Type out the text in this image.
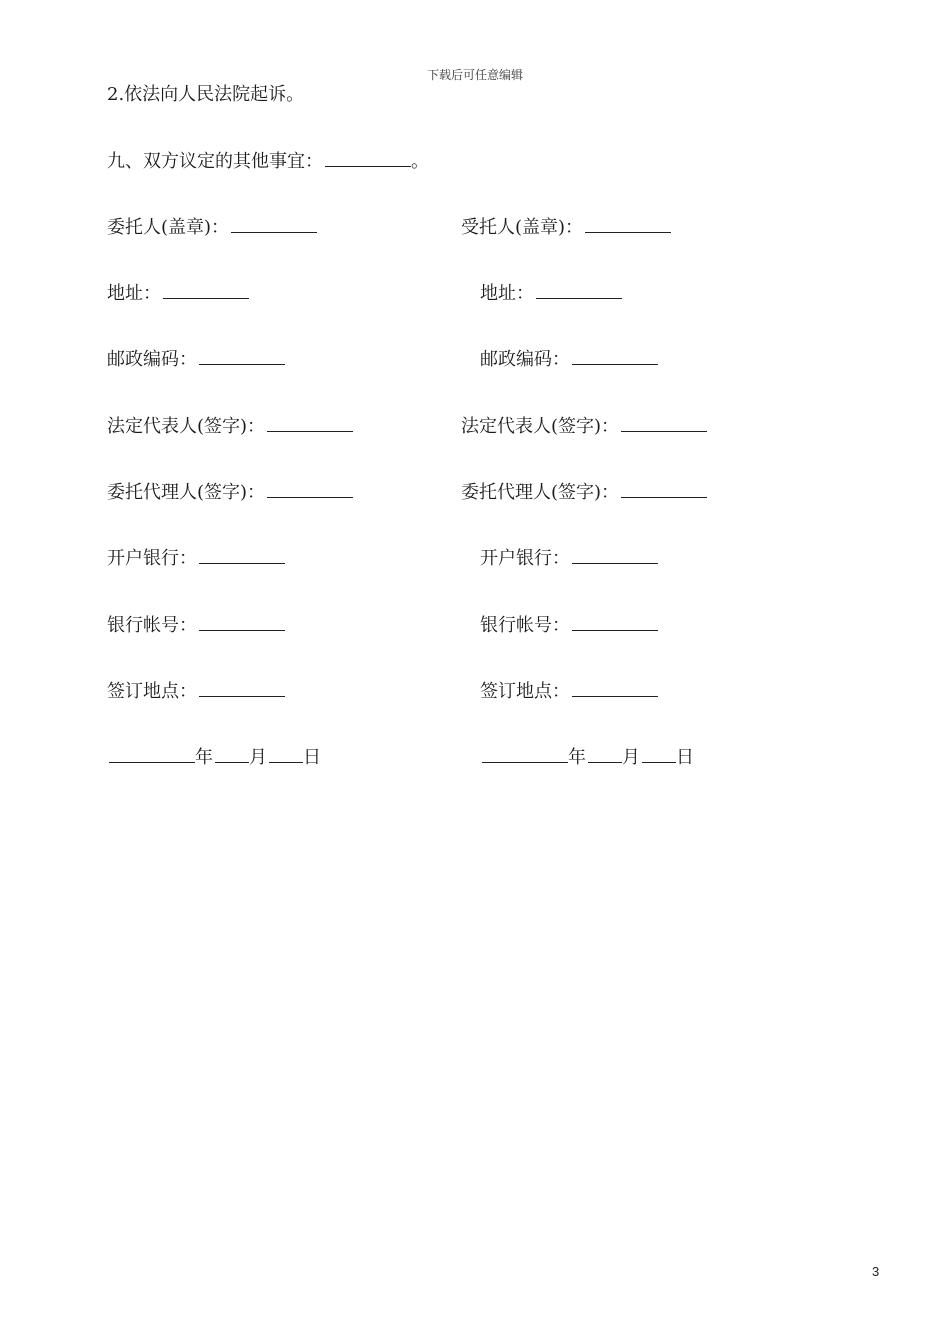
下载后可任意编辑
2.依法向人民法院起诉。
九、双方议定的其他事宜：	。
委托人(盖章)：
地址：
邮政编码：
法定代表人(签字)：
委托代理人(签字)：
开户银行：
银行帐号：
签订地点：
年 月 日
受托人(盖章)：
地址：
邮政编码：
法定代表人(签字)：
委托代理人(签字)：
开户银行：
银行帐号：
签订地点：
年 月 日
3
